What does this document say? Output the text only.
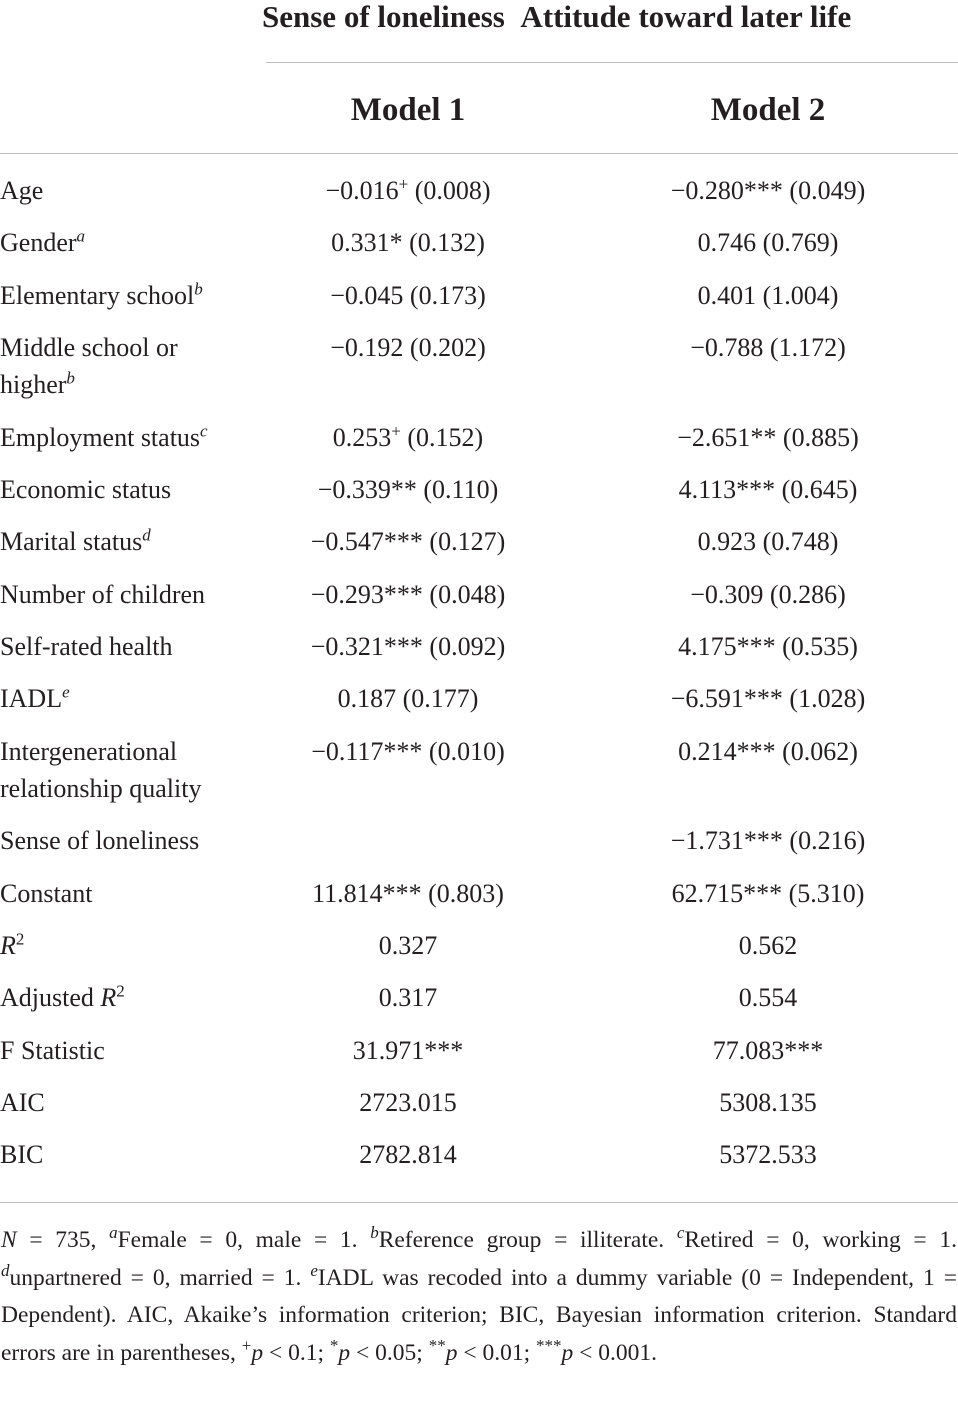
Sense of loneliness Attitude toward later life
Model 1	Model 2
Age	−0.016+ (0.008)	−0.280*** (0.049)
Gender$^a$	0.331* (0.132)	0.746 (0.769)
Elementary school$^b$	−0.045 (0.173)	0.401 (1.004)
Middle school or higher$^b$	−0.192 (0.202)	−0.788 (1.172)
Employment status$^c$	0.253+ (0.152)	−2.651** (0.885)
Economic status	−0.339** (0.110)	4.113*** (0.645)
Marital status$^d$	−0.547*** (0.127)	0.923 (0.748)
Number of children	−0.293*** (0.048)	−0.309 (0.286)
Self-rated health	−0.321*** (0.092)	4.175*** (0.535)
IADL$^e$	0.187 (0.177)	−6.591*** (1.028)
Intergenerational relationship quality	−0.117*** (0.010)	0.214*** (0.062)
Sense of loneliness		−1.731*** (0.216)
Constant	11.814*** (0.803)	62.715*** (5.310)
$R^2$	0.327	0.562
Adjusted $R^2$	0.317	0.554
F Statistic	31.971***	77.083***
AIC	2723.015	5308.135
BIC	2782.814	5372.533

N = 735, $^a$Female = 0, male = 1. $^b$Reference group = illiterate. $^c$Retired = 0, working = 1. $^d$unpartnered = 0, married = 1. $^e$IADL was recoded into a dummy variable (0 = Independent, 1 = Dependent). AIC, Akaike’s information criterion; BIC, Bayesian information criterion. Standard errors are in parentheses, +p < 0.1; *p < 0.05; **p < 0.01; ***p < 0.001.
